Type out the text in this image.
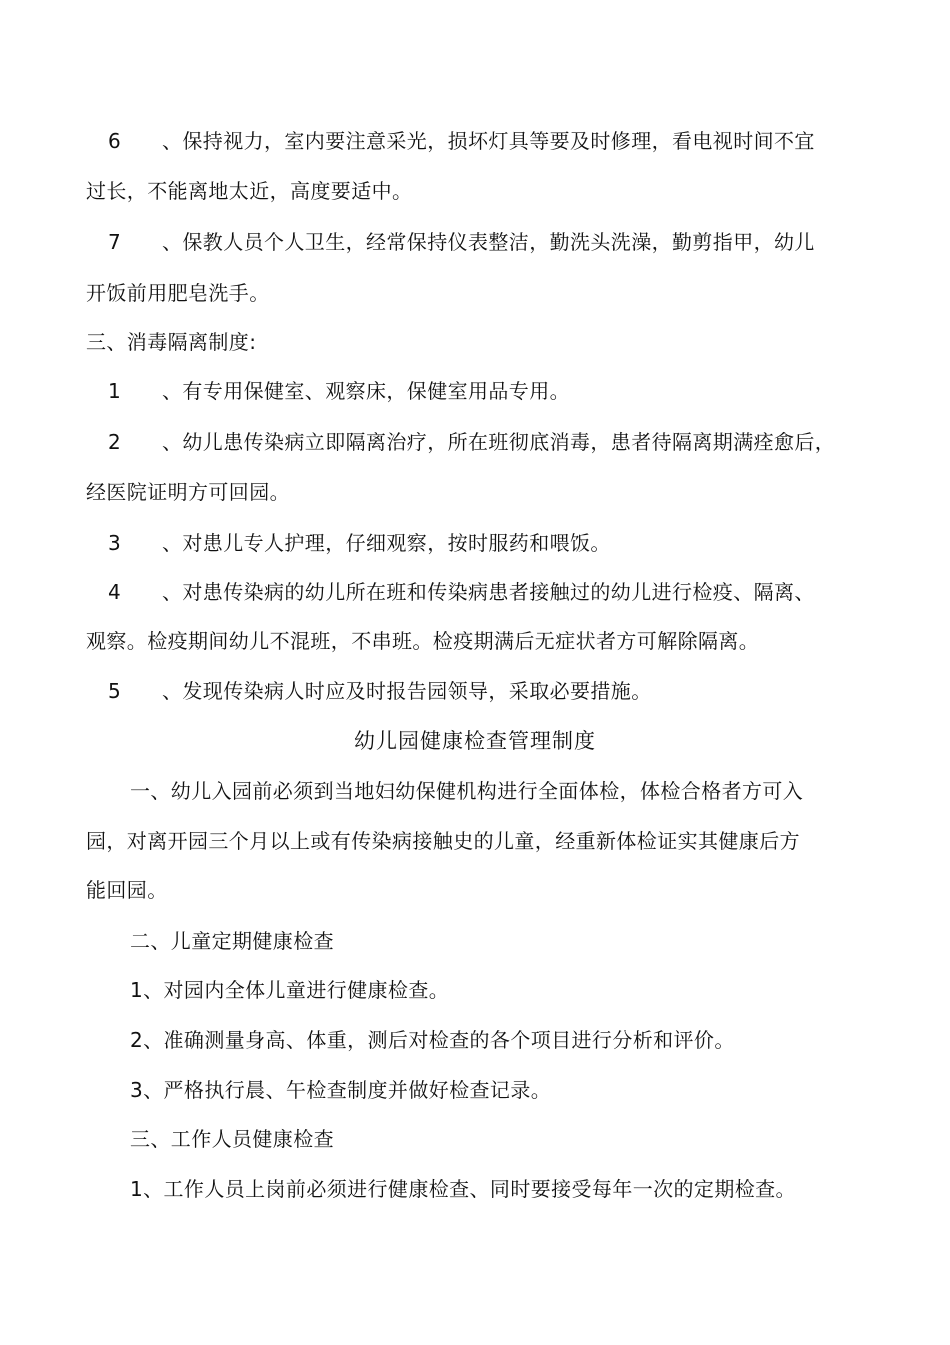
6 、保持视力，室内要注意采光，损坏灯具等要及时修理，看电视时间不宜
过长，不能离地太近，高度要适中。
7 、保教人员个人卫生，经常保持仪表整洁，勤洗头洗澡，勤剪指甲，幼儿
开饭前用肥皂洗手。
三、消毒隔离制度:
1 、有专用保健室、观察床，保健室用品专用。
2 、幼儿患传染病立即隔离治疗，所在班彻底消毒，患者待隔离期满痊愈后，
经医院证明方可回园。
3 、对患儿专人护理，仔细观察，按时服药和喂饭。
4 、对患传染病的幼儿所在班和传染病患者接触过的幼儿进行检疫、隔离、
观察。检疫期间幼儿不混班，不串班。检疫期满后无症状者方可解除隔离。
5 、发现传染病人时应及时报告园领导，采取必要措施。
幼儿园健康检查管理制度
一、幼儿入园前必须到当地妇幼保健机构进行全面体检，体检合格者方可入
园，对离开园三个月以上或有传染病接触史的儿童，经重新体检证实其健康后方
能回园。
二、儿童定期健康检查
1、对园内全体儿童进行健康检查。
2、准确测量身高、体重，测后对检查的各个项目进行分析和评价。
3、严格执行晨、午检查制度并做好检查记录。
三、工作人员健康检查
1、工作人员上岗前必须进行健康检查、同时要接受每年一次的定期检查。
